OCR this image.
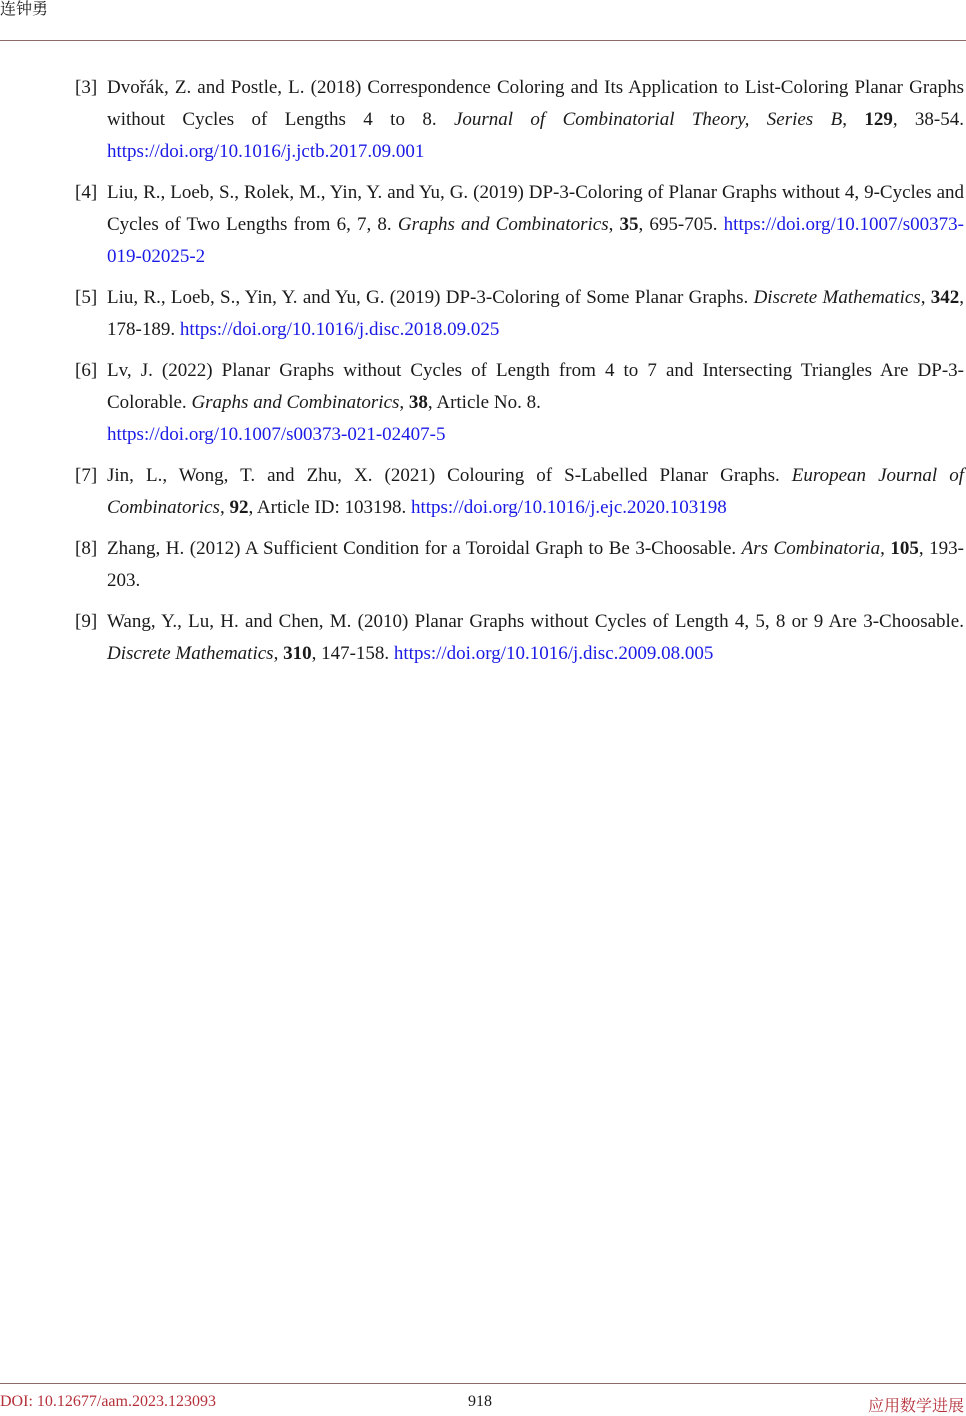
连钟勇
[3] Dvořák, Z. and Postle, L. (2018) Correspondence Coloring and Its Application to List-Coloring Planar Graphs without Cycles of Lengths 4 to 8. Journal of Combinatorial Theory, Series B, 129, 38-54. https://doi.org/10.1016/j.jctb.2017.09.001
[4] Liu, R., Loeb, S., Rolek, M., Yin, Y. and Yu, G. (2019) DP-3-Coloring of Planar Graphs without 4, 9-Cycles and Cycles of Two Lengths from 6, 7, 8. Graphs and Combinatorics, 35, 695-705. https://doi.org/10.1007/s00373-019-02025-2
[5] Liu, R., Loeb, S., Yin, Y. and Yu, G. (2019) DP-3-Coloring of Some Planar Graphs. Discrete Mathematics, 342, 178-189. https://doi.org/10.1016/j.disc.2018.09.025
[6] Lv, J. (2022) Planar Graphs without Cycles of Length from 4 to 7 and Intersecting Triangles Are DP-3-Colorable. Graphs and Combinatorics, 38, Article No. 8.
https://doi.org/10.1007/s00373-021-02407-5
[7] Jin, L., Wong, T. and Zhu, X. (2021) Colouring of S-Labelled Planar Graphs. European Journal of Combinatorics, 92, Article ID: 103198. https://doi.org/10.1016/j.ejc.2020.103198
[8] Zhang, H. (2012) A Sufficient Condition for a Toroidal Graph to Be 3-Choosable. Ars Combinatoria, 105, 193-203.
[9] Wang, Y., Lu, H. and Chen, M. (2010) Planar Graphs without Cycles of Length 4, 5, 8 or 9 Are 3-Choosable. Discrete Mathematics, 310, 147-158. https://doi.org/10.1016/j.disc.2009.08.005
DOI: 10.12677/aam.2023.123093	918	应用数学进展
